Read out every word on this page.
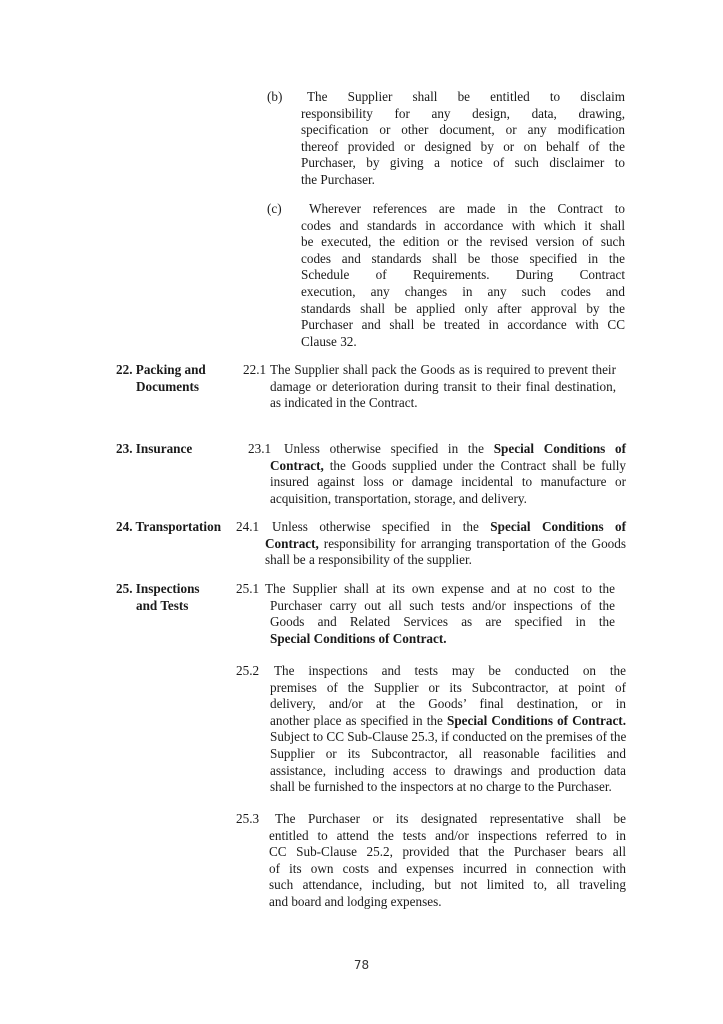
(b)	The Supplier shall be entitled to disclaim
responsibility for any design, data, drawing,
specification or other document, or any modification
thereof provided or designed by or on behalf of the
Purchaser, by giving a notice of such disclaimer to
the Purchaser.
(c)	Wherever references are made in the Contract to
codes and standards in accordance with which it shall
be executed, the edition or the revised version of such
codes and standards shall be those specified in the
Schedule of Requirements. During Contract
execution, any changes in any such codes and
standards shall be applied only after approval by the
Purchaser and shall be treated in accordance with CC
Clause 32.
22. Packing and
Documents
22.1 The Supplier shall pack the Goods as is required to prevent their
damage or deterioration during transit to their final destination,
as indicated in the Contract.
23. Insurance	23.1 Unless otherwise specified in the Special Conditions of
Contract, the Goods supplied under the Contract shall be fully
insured against loss or damage incidental to manufacture or
acquisition, transportation, storage, and delivery.
24. Transportation 24.1 Unless otherwise specified in the Special Conditions of
Contract, responsibility for arranging transportation of the Goods
shall be a responsibility of the supplier.
25. Inspections
and Tests
25.1 The Supplier shall at its own expense and at no cost to the
Purchaser carry out all such tests and/or inspections of the
Goods and Related Services as are specified in the
Special Conditions of Contract.
25.2	The inspections and tests may be conducted on the
premises of the Supplier or its Subcontractor, at point of
delivery, and/or at the Goods’ final destination, or in
another place as specified in the Special Conditions of Contract.
Subject to CC Sub-Clause 25.3, if conducted on the premises of the
Supplier or its Subcontractor, all reasonable facilities and
assistance, including access to drawings and production data
shall be furnished to the inspectors at no charge to the Purchaser.
25.3	The Purchaser or its designated representative shall be
entitled to attend the tests and/or inspections referred to in
CC Sub-Clause 25.2, provided that the Purchaser bears all
of its own costs and expenses incurred in connection with
such attendance, including, but not limited to, all traveling
and board and lodging expenses.
78
